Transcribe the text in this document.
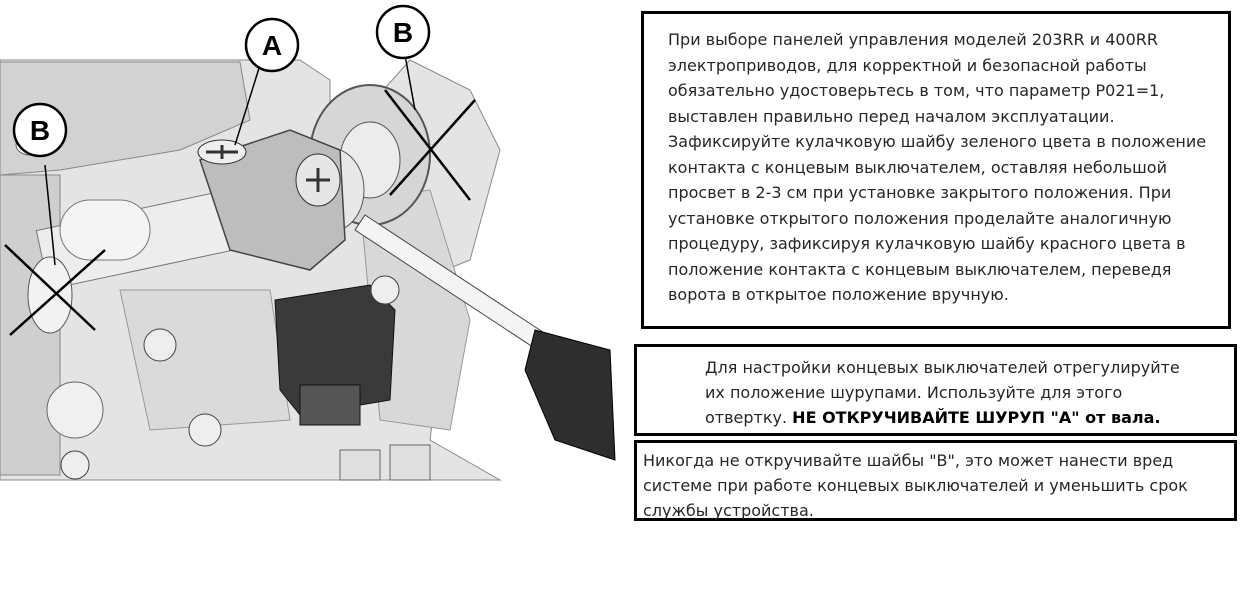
A
B
B	При выборе панелей управления моделей 203RR и 400RR

электроприводов, для корректной и безопасной работы

обязательно удостоверьтесь в том, что параметр P021=1,

выставлен правильно перед началом эксплуатации.

Зафиксируйте кулачковую шайбу зеленого цвета в положение

контакта с концевым выключателем, оставляя небольшой

просвет в 2-3 см при установке закрытого положения. При

установке открытого положения проделайте аналогичную

процедуру, зафиксируя кулачковую шайбу красного цвета в

положение контакта с концевым выключателем, переведя

ворота в открытое положение вручную.

Для настройки концевых выключателей отрегулируйте

их положение шурупами. Используйте для этого

отвертку. НЕ ОТКРУЧИВАЙТЕ ШУРУП "А" от вала.

Никогда не откручивайте шайбы "В", это может нанести вред

системе при работе концевых выключателей и уменьшить срок

службы устройства.
